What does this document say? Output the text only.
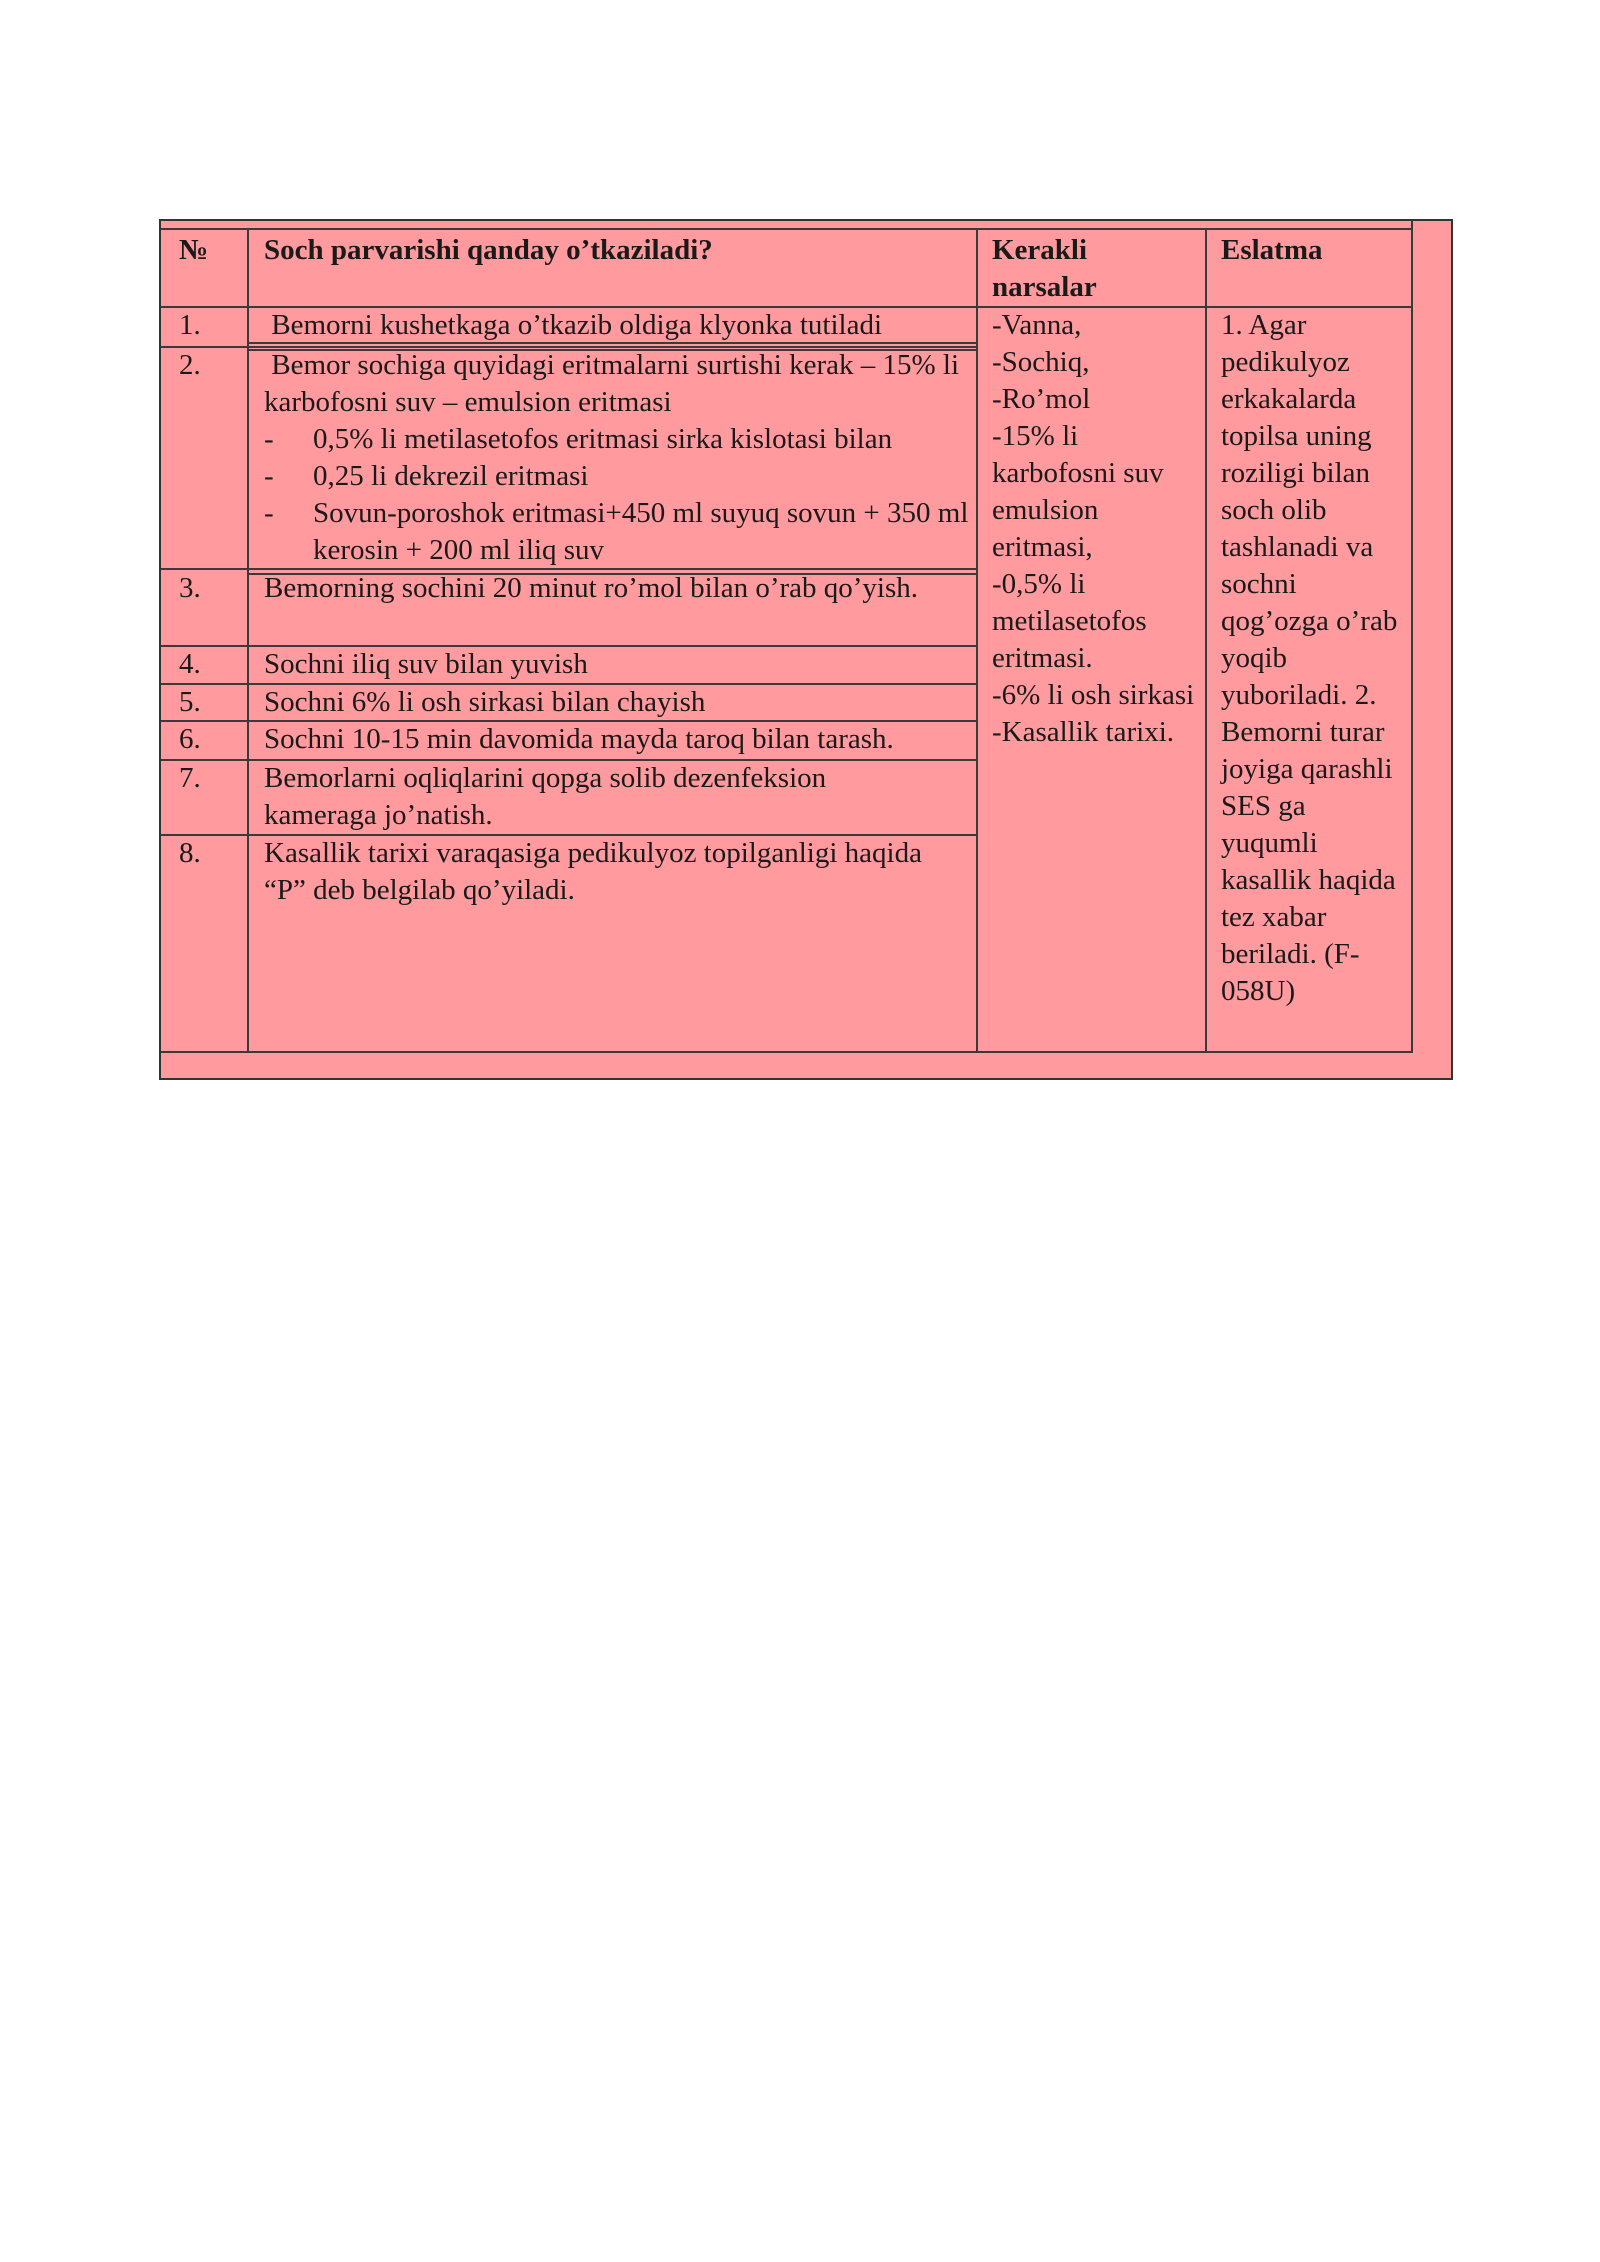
№ Soch parvarishi qanday o’tkaziladi?	Kerakli narsalar
Eslatma
1. Bemorni kushetkaga o’tkazib oldiga klyonka tutiladi
2. Bemor sochiga quyidagi eritmalarni surtishi kerak – 15% li karbofosni suv – emulsion eritmasi
- 0,5% li metilasetofos eritmasi sirka kislotasi bilan
- 0,25 li dekrezil eritmasi
- Sovun-poroshok eritmasi+450 ml suyuq sovun + 350 ml kerosin + 200 ml iliq suv
3. Bemorning sochini 20 minut ro’mol bilan o’rab qo’yish.
4. Sochni iliq suv bilan yuvish
5. Sochni 6% li osh sirkasi bilan chayish
6. Sochni 10-15 min davomida mayda taroq bilan tarash.
7. Bemorlarni oqliqlarini qopga solib dezenfeksion kameraga jo’natish.
8. Kasallik tarixi varaqasiga pedikulyoz topilganligi haqida “P” deb belgilab qo’yiladi.
-Vanna,
-Sochiq,
-Ro’mol
-15% li karbofosni suv emulsion eritmasi,
-0,5% li metilasetofos eritmasi.
-6% li osh sirkasi
-Kasallik tarixi.
1. Agar pedikulyoz erkakalarda topilsa uning roziligi bilan soch olib tashlanadi va sochni qog’ozga o’rab yoqib yuboriladi. 2. Bemorni turar joyiga qarashli SES ga yuqumli kasallik haqida tez xabar beriladi. (F-058U)
